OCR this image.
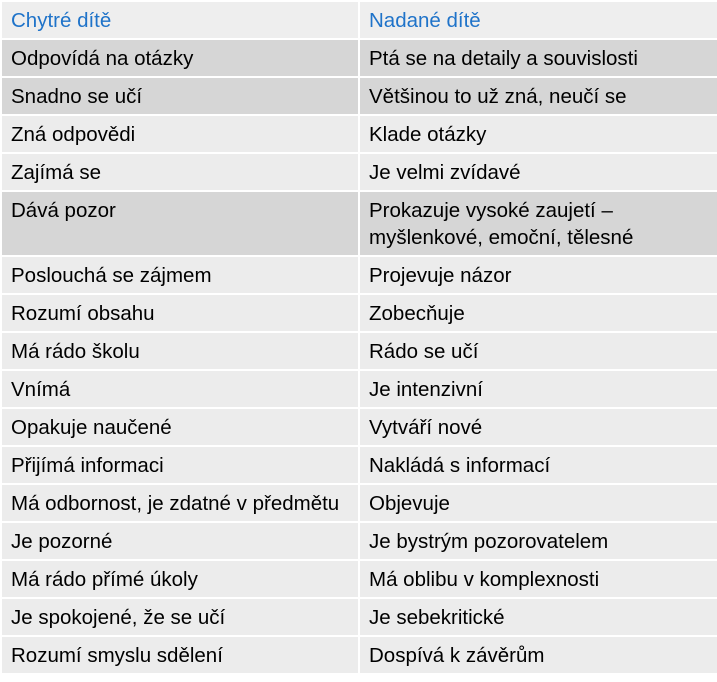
Chytré dítě	Nadané dítě
Odpovídá na otázky	Ptá se na detaily a souvislosti
Snadno se učí	Většinou to už zná, neučí se
Zná odpovědi	Klade otázky
Zajímá se	Je velmi zvídavé
Dává pozor	Prokazuje vysoké zaujetí – myšlenkové, emoční, tělesné
Poslouchá se zájmem	Projevuje názor
Rozumí obsahu	Zobecňuje
Má rádo školu	Rádo se učí
Vnímá	Je intenzivní
Opakuje naučené	Vytváří nové
Přijímá informaci	Nakládá s informací
Má odbornost, je zdatné v předmětu	Objevuje
Je pozorné	Je bystrým pozorovatelem
Má rádo přímé úkoly	Má oblibu v komplexnosti
Je spokojené, že se učí	Je sebekritické
Rozumí smyslu sdělení	Dospívá k závěrům
